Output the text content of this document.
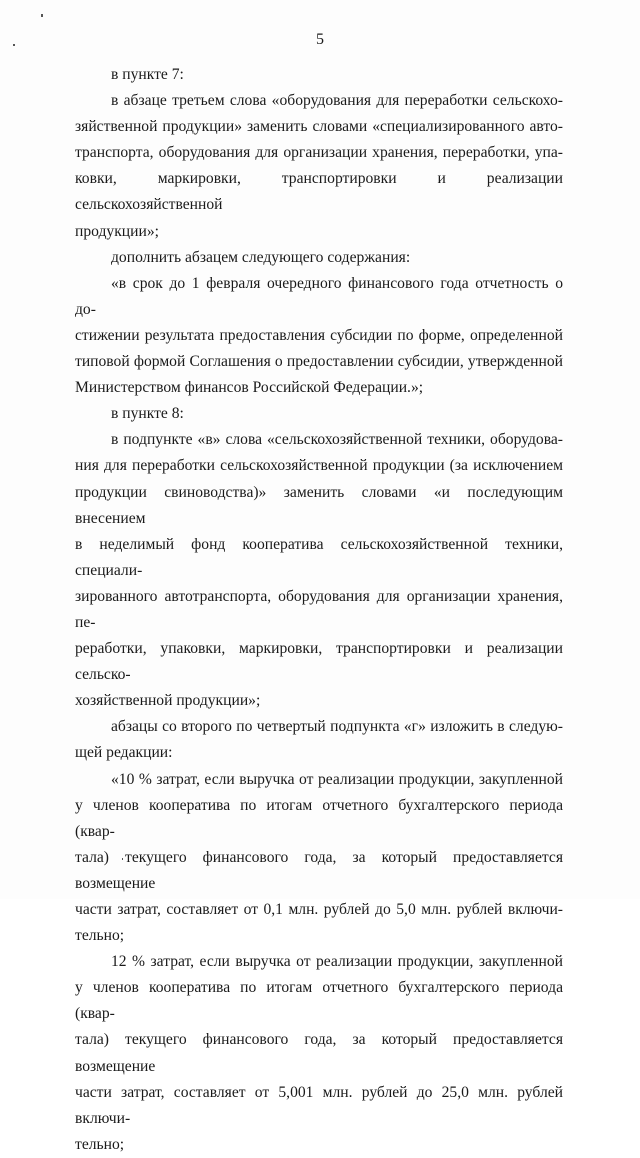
5
в пункте 7:
в абзаце третьем слова «оборудования для переработки сельскохо-
зяйственной продукции» заменить словами «специализированного авто-
транспорта, оборудования для организации хранения, переработки, упа-
ковки, маркировки, транспортировки и реализации сельскохозяйственной
продукции»;
дополнить абзацем следующего содержания:
«в срок до 1 февраля очередного финансового года отчетность о до-
стижении результата предоставления субсидии по форме, определенной
типовой формой Соглашения о предоставлении субсидии, утвержденной
Министерством финансов Российской Федерации.»;
в пункте 8:
в подпункте «в» слова «сельскохозяйственной техники, оборудова-
ния для переработки сельскохозяйственной продукции (за исключением
продукции свиноводства)» заменить словами «и последующим внесением
в неделимый фонд кооператива сельскохозяйственной техники, специали-
зированного автотранспорта, оборудования для организации хранения, пе-
реработки, упаковки, маркировки, транспортировки и реализации сельско-
хозяйственной продукции»;
абзацы со второго по четвертый подпункта «г» изложить в следую-
щей редакции:
«10 % затрат, если выручка от реализации продукции, закупленной
у членов кооператива по итогам отчетного бухгалтерского периода (квар-
тала) текущего финансового года, за который предоставляется возмещение
части затрат, составляет от 0,1 млн. рублей до 5,0 млн. рублей включи-
тельно;
12 % затрат, если выручка от реализации продукции, закупленной
у членов кооператива по итогам отчетного бухгалтерского периода (квар-
тала) текущего финансового года, за который предоставляется возмещение
части затрат, составляет от 5,001 млн. рублей до 25,0 млн. рублей включи-
тельно;
